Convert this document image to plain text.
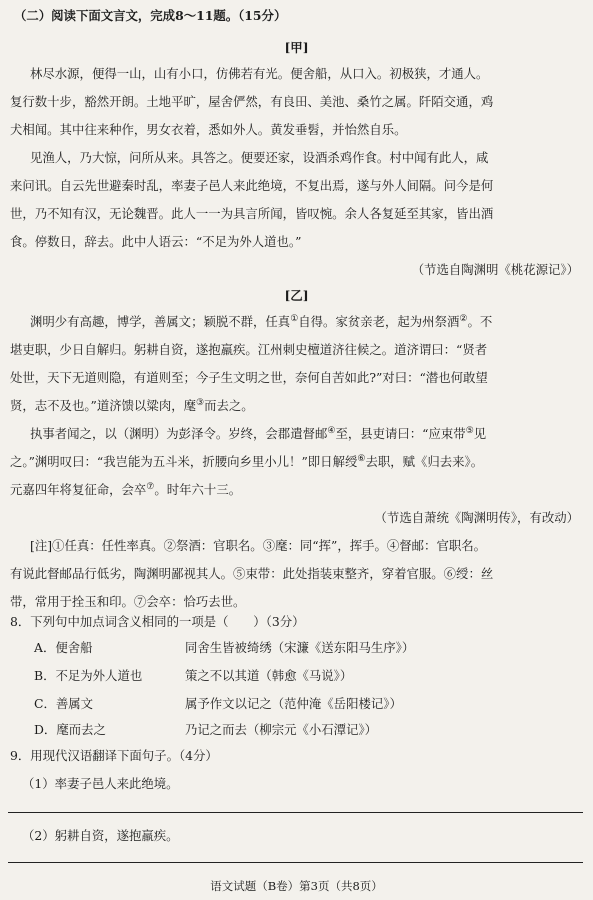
（二）阅读下面文言文，完成8～11题。（15分）
[甲]
林尽水源，便得一山，山有小口，仿佛若有光。便舍船，从口入。初极狭，才通人。
复行数十步，豁然开朗。土地平旷，屋舍俨然，有良田、美池、桑竹之属。阡陌交通，鸡
犬相闻。其中往来种作，男女衣着，悉如外人。黄发垂髫，并怡然自乐。
见渔人，乃大惊，问所从来。具答之。便要还家，设酒杀鸡作食。村中闻有此人，咸
来问讯。自云先世避秦时乱，率妻子邑人来此绝境，不复出焉，遂与外人间隔。问今是何
世，乃不知有汉，无论魏晋。此人一一为具言所闻，皆叹惋。余人各复延至其家，皆出酒
食。停数日，辞去。此中人语云：“不足为外人道也。”
（节选自陶渊明《桃花源记》）
[乙]
渊明少有高趣，博学，善属文；颖脱不群，任真①自得。家贫亲老，起为州祭酒②。不
堪吏职，少日自解归。躬耕自资，遂抱羸疾。江州刺史檀道济往候之。道济谓曰：“贤者
处世，天下无道则隐，有道则至；今子生文明之世，奈何自苦如此?”对曰：“潜也何敢望
贤，志不及也。”道济馈以粱肉，麾③而去之。
执事者闻之，以（渊明）为彭泽令。岁终，会郡遣督邮④至，县吏请曰：“应束带⑤见
之。”渊明叹曰：“我岂能为五斗米，折腰向乡里小儿！”即日解绶⑥去职，赋《归去来》。
元嘉四年将复征命，会卒⑦。时年六十三。
（节选自萧统《陶渊明传》，有改动）
[注]①任真：任性率真。②祭酒：官职名。③麾：同“挥”，挥手。④督邮：官职名。
有说此督邮品行低劣，陶渊明鄙视其人。⑤束带：此处指装束整齐，穿着官服。⑥绶：丝
带，常用于拴玉和印。⑦会卒：恰巧去世。
8．下列句中加点词含义相同的一项是（　　）（3分）
A．便舍船	同舍生皆被绮绣（宋濂《送东阳马生序》）
B．不足为外人道也	策之不以其道（韩愈《马说》）
C．善属文	属予作文以记之（范仲淹《岳阳楼记》）
D．麾而去之	乃记之而去（柳宗元《小石潭记》）
9．用现代汉语翻译下面句子。（4分）
（1）率妻子邑人来此绝境。
（2）躬耕自资，遂抱羸疾。
语文试题（B卷）第3页（共8页）
